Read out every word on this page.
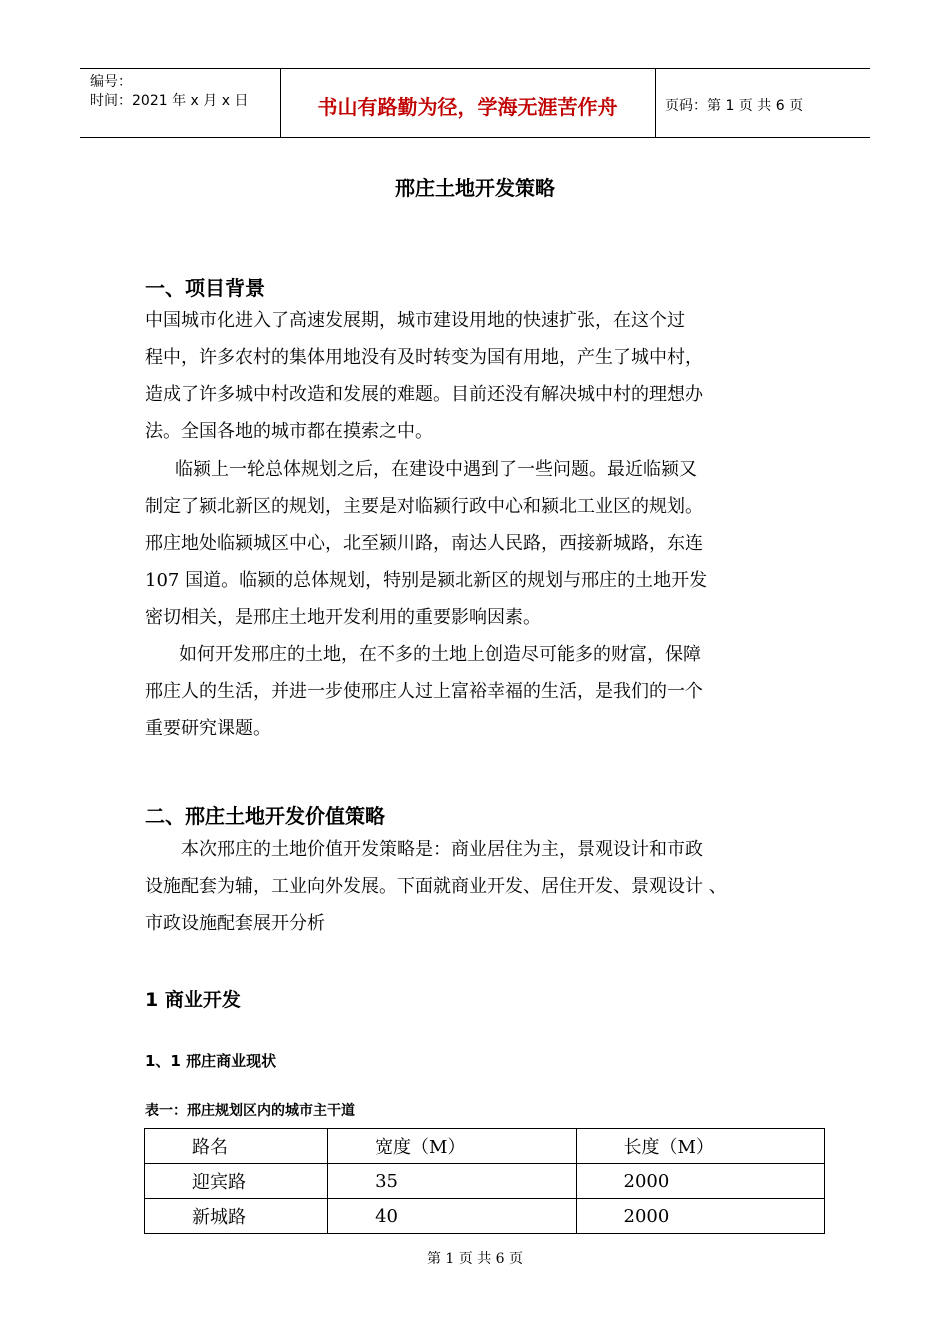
编号：
时间：2021 年 x 月 x 日	书山有路勤为径，学海无涯苦作舟	页码：第 1 页 共 6 页
邢庄土地开发策略
一、项目背景

中国城市化进入了高速发展期，城市建设用地的快速扩张，在这个过
程中，许多农村的集体用地没有及时转变为国有用地，产生了城中村，
造成了许多城中村改造和发展的难题。目前还没有解决城中村的理想办
法。全国各地的城市都在摸索之中。

临颍上一轮总体规划之后，在建设中遇到了一些问题。最近临颍又
制定了颍北新区的规划，主要是对临颍行政中心和颍北工业区的规划。
邢庄地处临颍城区中心，北至颍川路，南达人民路，西接新城路，东连
107 国道。临颍的总体规划，特别是颍北新区的规划与邢庄的土地开发
密切相关，是邢庄土地开发利用的重要影响因素。

如何开发邢庄的土地，在不多的土地上创造尽可能多的财富，保障
邢庄人的生活，并进一步使邢庄人过上富裕幸福的生活，是我们的一个
重要研究课题。

二、邢庄土地开发价值策略

本次邢庄的土地价值开发策略是：商业居住为主，景观设计和市政
设施配套为辅，工业向外发展。下面就商业开发、居住开发、景观设计 、
市政设施配套展开分析

1 商业开发
1、1 邢庄商业现状
表一：邢庄规划区内的城市主干道
路名	宽度（M）	长度（M）
迎宾路	35	2000
新城路	40	2000
第 1 页 共 6 页
